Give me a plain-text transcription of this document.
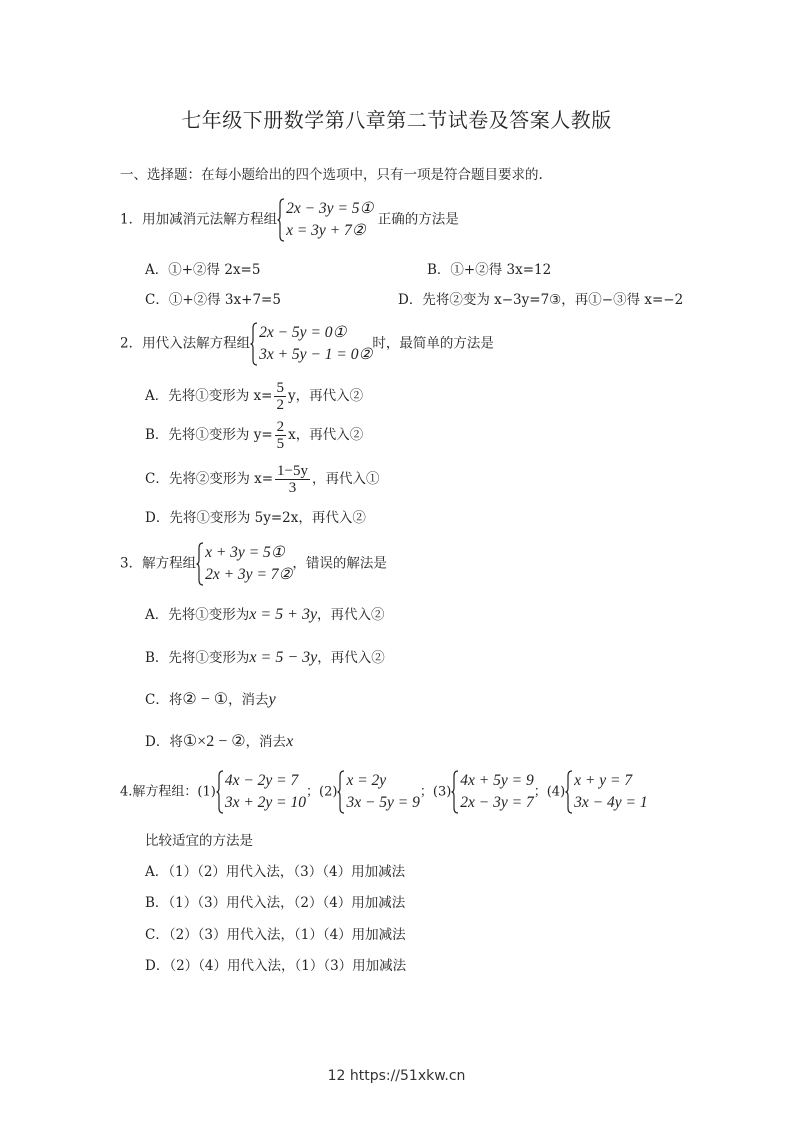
七年级下册数学第八章第二节试卷及答案人教版
一、选择题：在每小题给出的四个选项中，只有一项是符合题目要求的.
1．用加减消元法解方程组
2x − 3y = 5①
x = 3y + 7②
正确的方法是
A．①+②得 2x=5	B．①+②得 3x=12
C．①+②得 3x+7=5	D．先将②变为 x−3y=7③，再①−③得 x=−2
2．用代入法解方程组
2x − 5y = 0①
3x + 5y − 1 = 0②
时，最简单的方法是
A．先将①变形为 $x= \frac{5}{2}$ y，再代入②
B．先将①变形为 $y= \frac{2}{5}$ x，再代入②
C．先将②变形为 $x= \frac{1-5y}{3}$ ，再代入①
D．先将①变形为 5y=2x，再代入②
3．解方程组
x + 3y = 5①
2x + 3y = 7②
，错误的解法是
A．先将①变形为x = 5 + 3y，再代入②
B．先将①变形为x = 5 − 3y，再代入②
C．将② − ①，消去y
D．将①×2 − ②，消去x
4.解方程组：(1)
4x − 2y = 7
3x + 2y = 10
；(2)
x = 2y
3x − 5y = 9
；(3)
4x + 5y = 9
2x − 3y = 7
；(4)
x + y = 7
3x − 4y = 1
比较适宜的方法是
A．（1）（2）用代入法，（3）（4）用加减法
B．（1）（3）用代入法，（2）（4）用加减法
C．（2）（3）用代入法，（1）（4）用加减法
D．（2）（4）用代入法，（1）（3）用加减法
12 https://51xkw.cn
